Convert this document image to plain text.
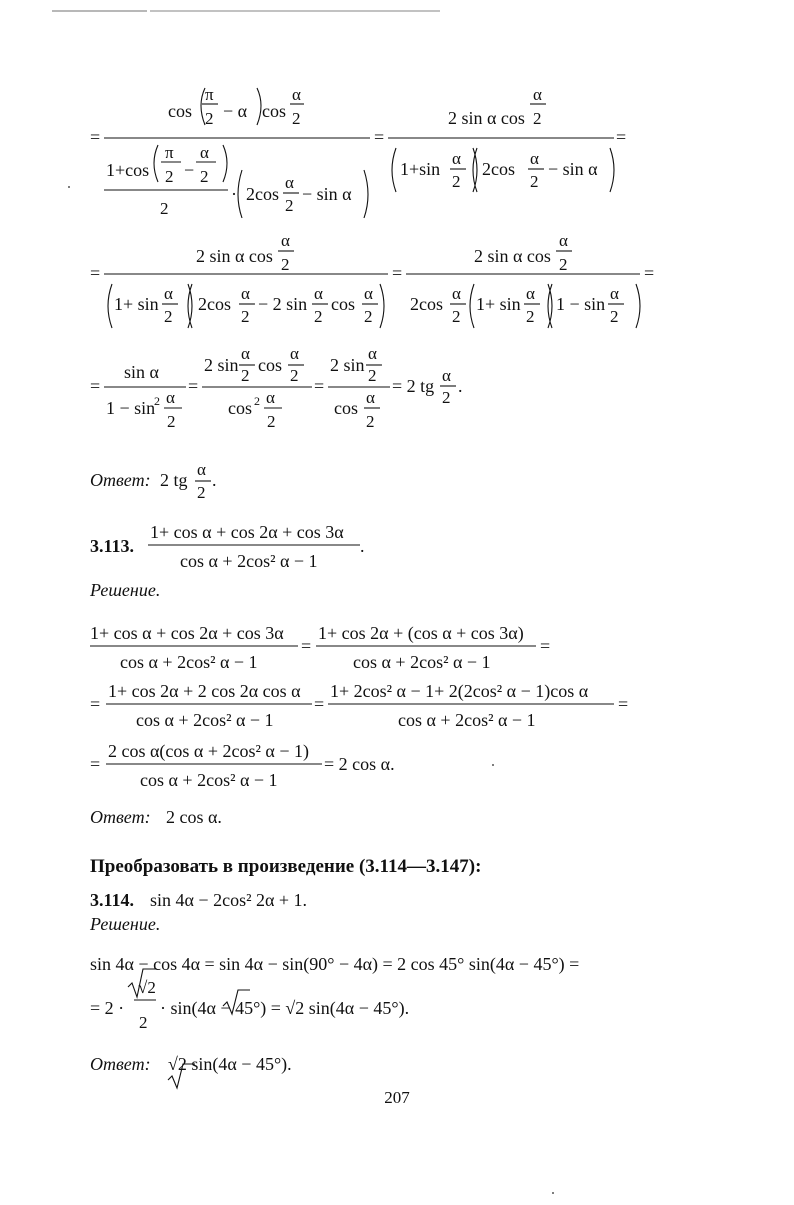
=
cos
π
2 − α cos
α
2
1+cos
π
2 −
α
2
2
· 2cos
α
2
− sin α
=
2 sin α cos
α
2
1+sin
α
2
2cos
α
2
− sin α
=
=
2 sin α cos
α
2
1+ sin
α
2
2cos
α
2
− 2 sin
α
2
cos
α
2
=
2 sin α cos
α
2
2cos
α
2
1+ sin
α
2
1 − sin
α
2
=
=
sin α
1 − sin
2 α
2
=
2 sin
α
2
cos
α
2
cos 2 α
2
=
2 sin
α
2
cos
α
2
= 2 tg
α
2
.
Ответ: 2 tg
α
2
.
3.113.
1+ cos α + cos 2α + cos 3α
cos α + 2cos² α − 1
.
Решение.
1+ cos α + cos 2α + cos 3α
cos α + 2cos² α − 1
=
1+ cos 2α + (cos α + cos 3α)
cos α + 2cos² α − 1
=
=
1+ cos 2α + 2 cos 2α cos α
cos α + 2cos² α − 1
=
1+ 2cos² α − 1+ 2(2cos² α − 1)cos α
cos α + 2cos² α − 1
=
=
2 cos α(cos α + 2cos² α − 1)
cos α + 2cos² α − 1
= 2 cos α.
Ответ: 2 cos α.
Преобразовать в произведение (3.114—3.147):
3.114. sin 4α − 2cos² 2α + 1.
Решение.
sin 4α − cos 4α = sin 4α − sin(90° − 4α) = 2 cos 45° sin(4α − 45°) =
= 2 ·
√2
2
· sin(4α − 45°) = √2 sin(4α − 45°).
Ответ: √2 sin(4α − 45°).
207
